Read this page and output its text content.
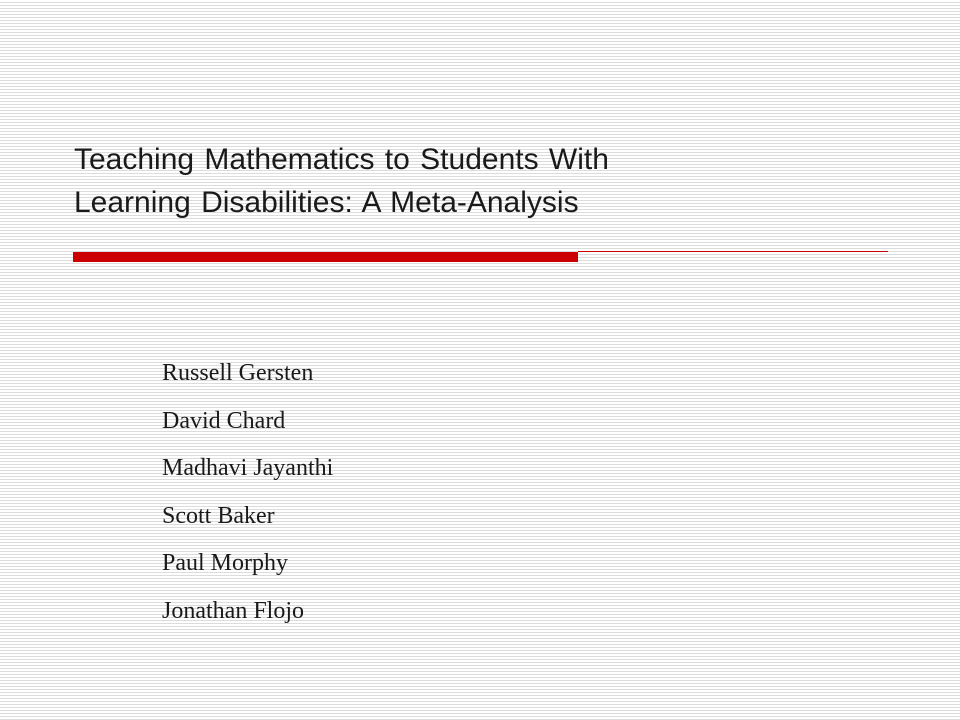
Teaching Mathematics to Students With
Learning Disabilities: A Meta-Analysis
Russell Gersten
David Chard
Madhavi Jayanthi
Scott Baker
Paul Morphy
Jonathan Flojo
